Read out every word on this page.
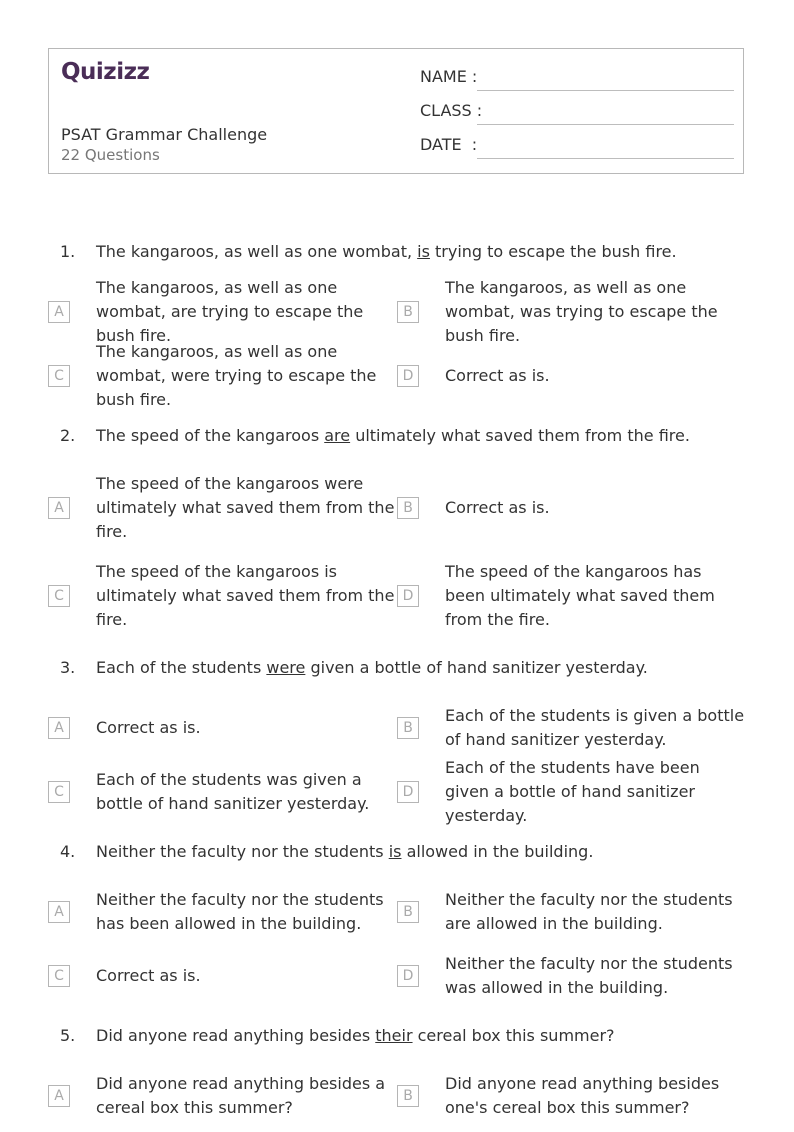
Quizizz
PSAT Grammar Challenge
22 Questions
NAME :
CLASS :
DATE  :
1. The kangaroos, as well as one wombat, is trying to escape the bush fire.
A
The kangaroos, as well as one wombat, are trying to escape the bush fire.
B
The kangaroos, as well as one wombat, was trying to escape the bush fire.
C
The kangaroos, as well as one wombat, were trying to escape the bush fire.
D	Correct as is.
2. The speed of the kangaroos are ultimately what saved them from the fire.
A
The speed of the kangaroos were ultimately what saved them from the fire.
B	Correct as is.
C
The speed of the kangaroos is ultimately what saved them from the fire.
D
The speed of the kangaroos has been ultimately what saved them from the fire.
3. Each of the students were given a bottle of hand sanitizer yesterday.
A	Correct as is.	B
Each of the students is given a bottle of hand sanitizer yesterday.
C
Each of the students was given a bottle of hand sanitizer yesterday.
D
Each of the students have been given a bottle of hand sanitizer yesterday.
4. Neither the faculty nor the students is allowed in the building.
A
Neither the faculty nor the students has been allowed in the building.
B
Neither the faculty nor the students are allowed in the building.
C	Correct as is.	D
Neither the faculty nor the students was allowed in the building.
5. Did anyone read anything besides their cereal box this summer?
A
Did anyone read anything besides a cereal box this summer?
B
Did anyone read anything besides one's cereal box this summer?
